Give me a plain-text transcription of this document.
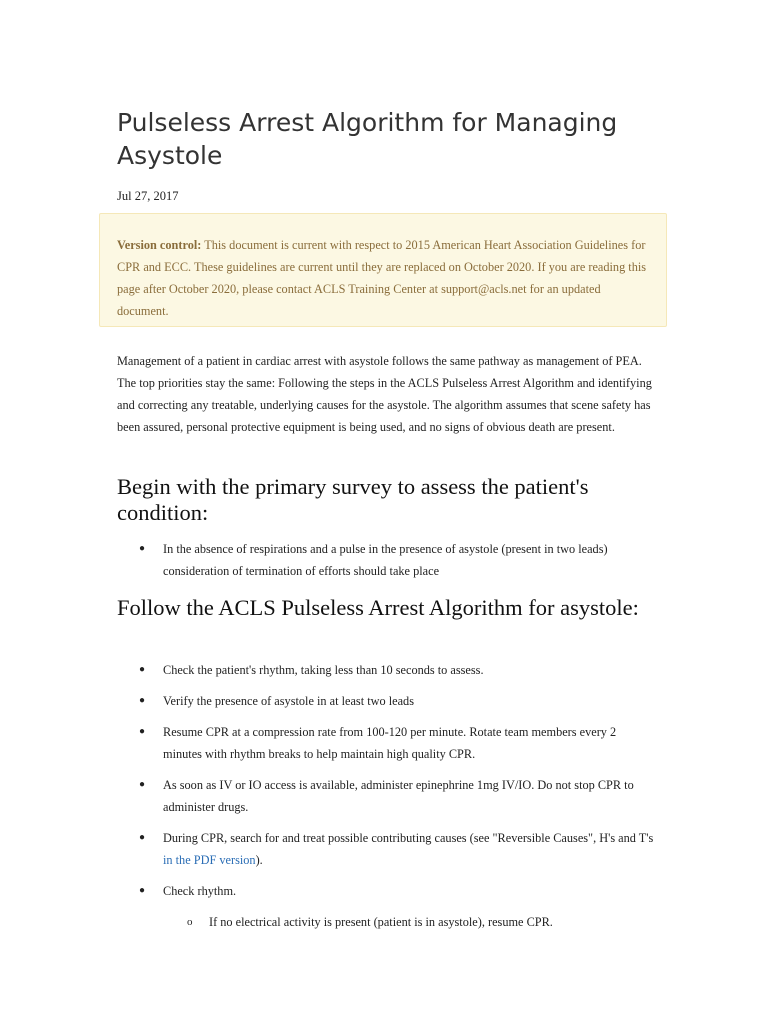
Pulseless Arrest Algorithm for Managing Asystole
Jul 27, 2017
Version control: This document is current with respect to 2015 American Heart Association Guidelines for CPR and ECC. These guidelines are current until they are replaced on October 2020. If you are reading this page after October 2020, please contact ACLS Training Center at support@acls.net for an updated document.

Management of a patient in cardiac arrest with asystole follows the same pathway as management of PEA. The top priorities stay the same: Following the steps in the ACLS Pulseless Arrest Algorithm and identifying and correcting any treatable, underlying causes for the asystole. The algorithm assumes that scene safety has been assured, personal protective equipment is being used, and no signs of obvious death are present.

Begin with the primary survey to assess the patient's condition:
● In the absence of respirations and a pulse in the presence of asystole (present in two leads) consideration of termination of efforts should take place
Follow the ACLS Pulseless Arrest Algorithm for asystole:
● Check the patient's rhythm, taking less than 10 seconds to assess.
● Verify the presence of asystole in at least two leads
● Resume CPR at a compression rate from 100-120 per minute. Rotate team members every 2 minutes with rhythm breaks to help maintain high quality CPR.
● As soon as IV or IO access is available, administer epinephrine 1mg IV/IO. Do not stop CPR to administer drugs.
● During CPR, search for and treat possible contributing causes (see "Reversible Causes", H's and T's in the PDF version).
● Check rhythm.
o If no electrical activity is present (patient is in asystole), resume CPR.
